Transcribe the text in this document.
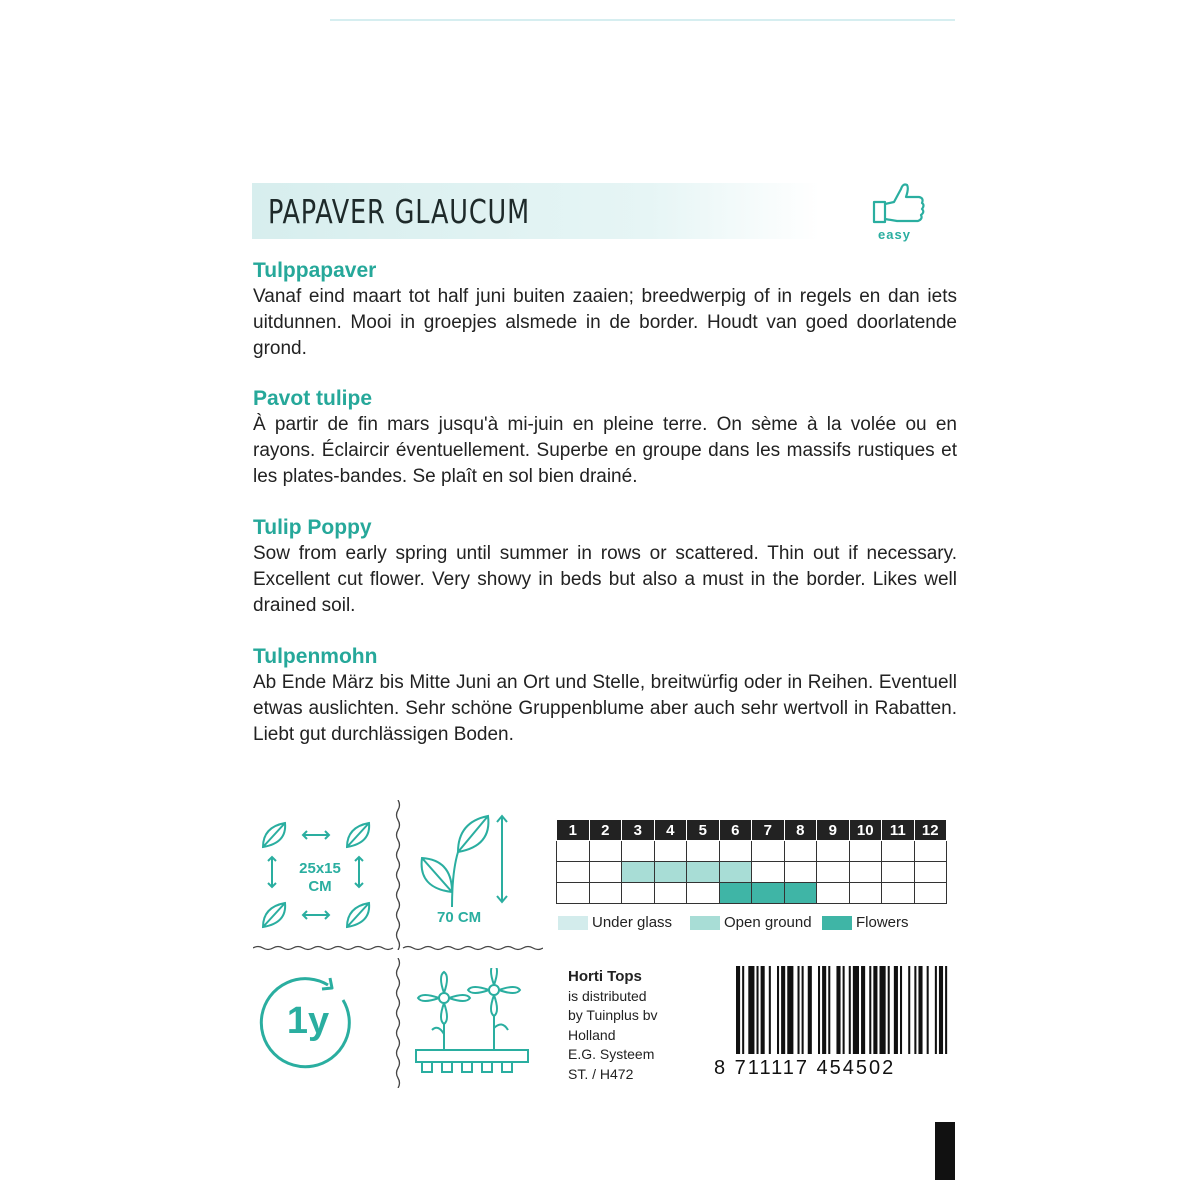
PAPAVER GLAUCUM
easy
Tulppapaver

Vanaf eind maart tot half juni buiten zaaien; breedwerpig of in regels en dan iets uitdunnen. Mooi in groepjes alsmede in de border. Houdt van goed doorlatende grond.

Pavot tulipe

À partir de fin mars jusqu'à mi-juin en pleine terre. On sème à la volée ou en rayons. Éclaircir éventuellement. Superbe en groupe dans les massifs rustiques et les plates-bandes. Se plaît en sol bien drainé.

Tulip Poppy

Sow from early spring until summer in rows or scattered. Thin out if necessary. Excellent cut flower. Very showy in beds but also a must in the border. Likes well drained soil.

Tulpenmohn

Ab Ende März bis Mitte Juni an Ort und Stelle, breitwürfig oder in Reihen. Eventuell etwas auslichten. Sehr schöne Gruppenblume aber auch sehr wertvoll in Rabatten. Liebt gut durchlässigen Boden.

25x15
CM
70 CM
1	2	3	4	5	6	7	8	9	10	11	12

Under glass	Open ground	Flowers
1y
Horti Tops
is distributed
by Tuinplus bv
Holland
E.G. Systeem
ST. / H472	8 711117 454502
